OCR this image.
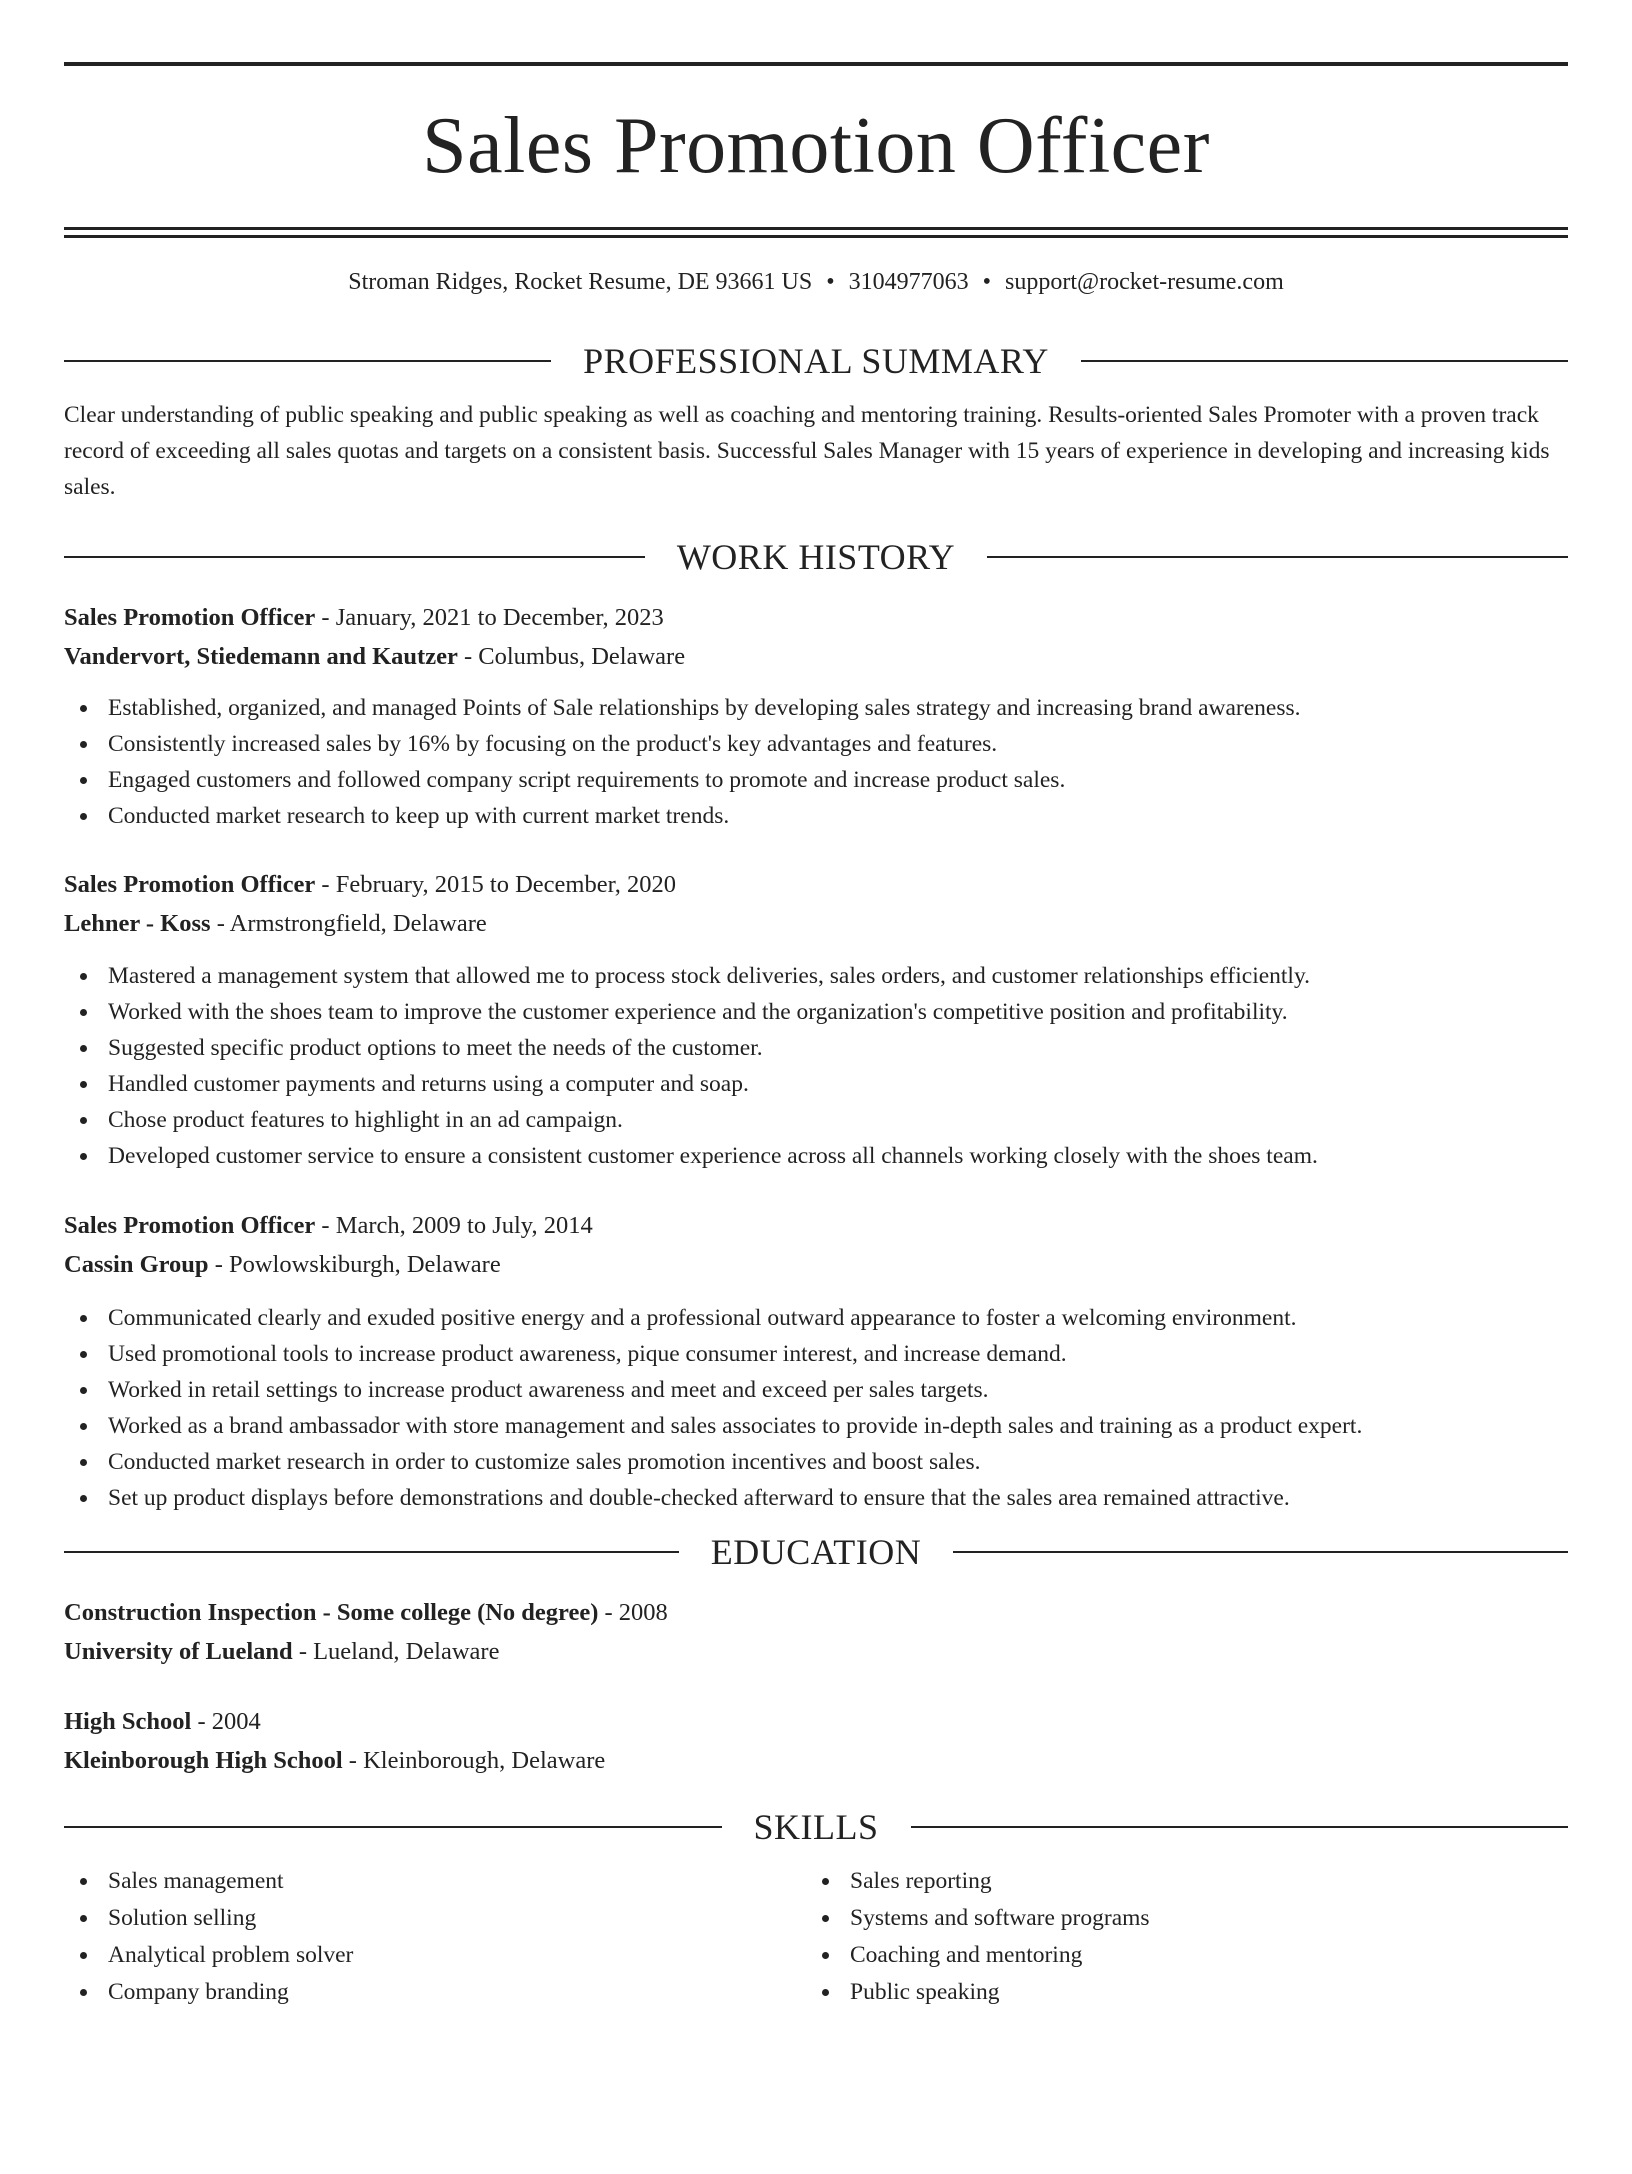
Sales Promotion Officer
Stroman Ridges, Rocket Resume, DE 93661 US • 3104977063 • support@rocket-resume.com
PROFESSIONAL SUMMARY
Clear understanding of public speaking and public speaking as well as coaching and mentoring training. Results-oriented Sales Promoter with a proven track record of exceeding all sales quotas and targets on a consistent basis. Successful Sales Manager with 15 years of experience in developing and increasing kids sales.
WORK HISTORY
Sales Promotion Officer - January, 2021 to December, 2023
Vandervort, Stiedemann and Kautzer - Columbus, Delaware
Established, organized, and managed Points of Sale relationships by developing sales strategy and increasing brand awareness.
Consistently increased sales by 16% by focusing on the product's key advantages and features.
Engaged customers and followed company script requirements to promote and increase product sales.
Conducted market research to keep up with current market trends.
Sales Promotion Officer - February, 2015 to December, 2020
Lehner - Koss - Armstrongfield, Delaware
Mastered a management system that allowed me to process stock deliveries, sales orders, and customer relationships efficiently.
Worked with the shoes team to improve the customer experience and the organization's competitive position and profitability.
Suggested specific product options to meet the needs of the customer.
Handled customer payments and returns using a computer and soap.
Chose product features to highlight in an ad campaign.
Developed customer service to ensure a consistent customer experience across all channels working closely with the shoes team.
Sales Promotion Officer - March, 2009 to July, 2014
Cassin Group - Powlowskiburgh, Delaware
Communicated clearly and exuded positive energy and a professional outward appearance to foster a welcoming environment.
Used promotional tools to increase product awareness, pique consumer interest, and increase demand.
Worked in retail settings to increase product awareness and meet and exceed per sales targets.
Worked as a brand ambassador with store management and sales associates to provide in-depth sales and training as a product expert.
Conducted market research in order to customize sales promotion incentives and boost sales.
Set up product displays before demonstrations and double-checked afterward to ensure that the sales area remained attractive.
EDUCATION
Construction Inspection - Some college (No degree) - 2008
University of Lueland - Lueland, Delaware
High School - 2004
Kleinborough High School - Kleinborough, Delaware
SKILLS
Sales management
Solution selling
Analytical problem solver
Company branding
Sales reporting
Systems and software programs
Coaching and mentoring
Public speaking
